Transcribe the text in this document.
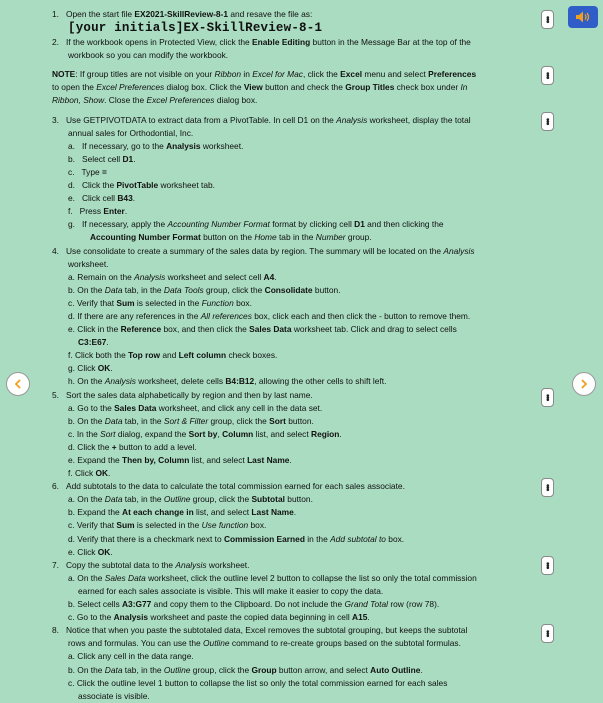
1. Open the start file EX2021-SkillReview-8-1 and resave the file as:
[your initials]EX-SkillReview-8-1
2. If the workbook opens in Protected View, click the Enable Editing button in the Message Bar at the top of the
workbook so you can modify the workbook.
NOTE: If group titles are not visible on your Ribbon in Excel for Mac, click the Excel menu and select Preferences
to open the Excel Preferences dialog box. Click the View button and check the Group Titles check box under In
Ribbon, Show. Close the Excel Preferences dialog box.
3. Use GETPIVOTDATA to extract data from a PivotTable. In cell D1 on the Analysis worksheet, display the total
annual sales for Orthodontial, Inc.
a. If necessary, go to the Analysis worksheet.
b. Select cell D1.
c. Type =
d. Click the PivotTable worksheet tab.
e. Click cell B43.
f. Press Enter.
g. If necessary, apply the Accounting Number Format format by clicking cell D1 and then clicking the
Accounting Number Format button on the Home tab in the Number group.
4. Use consolidate to create a summary of the sales data by region. The summary will be located on the Analysis
worksheet.
a. Remain on the Analysis worksheet and select cell A4.
b. On the Data tab, in the Data Tools group, click the Consolidate button.
c. Verify that Sum is selected in the Function box.
d. If there are any references in the All references box, click each and then click the - button to remove them.
e. Click in the Reference box, and then click the Sales Data worksheet tab. Click and drag to select cells
C3:E67.
f. Click both the Top row and Left column check boxes.
g. Click OK.
h. On the Analysis worksheet, delete cells B4:B12, allowing the other cells to shift left.
5. Sort the sales data alphabetically by region and then by last name.
a. Go to the Sales Data worksheet, and click any cell in the data set.
b. On the Data tab, in the Sort & Filter group, click the Sort button.
c. In the Sort dialog, expand the Sort by, Column list, and select Region.
d. Click the + button to add a level.
e. Expand the Then by, Column list, and select Last Name.
f. Click OK.
6. Add subtotals to the data to calculate the total commission earned for each sales associate.
a. On the Data tab, in the Outline group, click the Subtotal button.
b. Expand the At each change in list, and select Last Name.
c. Verify that Sum is selected in the Use function box.
d. Verify that there is a checkmark next to Commission Earned in the Add subtotal to box.
e. Click OK.
7. Copy the subtotal data to the Analysis worksheet.
a. On the Sales Data worksheet, click the outline level 2 button to collapse the list so only the total commission
earned for each sales associate is visible. This will make it easier to copy the data.
b. Select cells A3:G77 and copy them to the Clipboard. Do not include the Grand Total row (row 78).
c. Go to the Analysis worksheet and paste the copied data beginning in cell A15.
8. Notice that when you paste the subtotaled data, Excel removes the subtotal grouping, but keeps the subtotal
rows and formulas. You can use the Outline command to re-create groups based on the subtotal formulas.
a. Click any cell in the data range.
b. On the Data tab, in the Outline group, click the Group button arrow, and select Auto Outline.
c. Click the outline level 1 button to collapse the list so only the total commission earned for each sales
associate is visible.
•••
•••
•••
•••
•••
•••
•••
